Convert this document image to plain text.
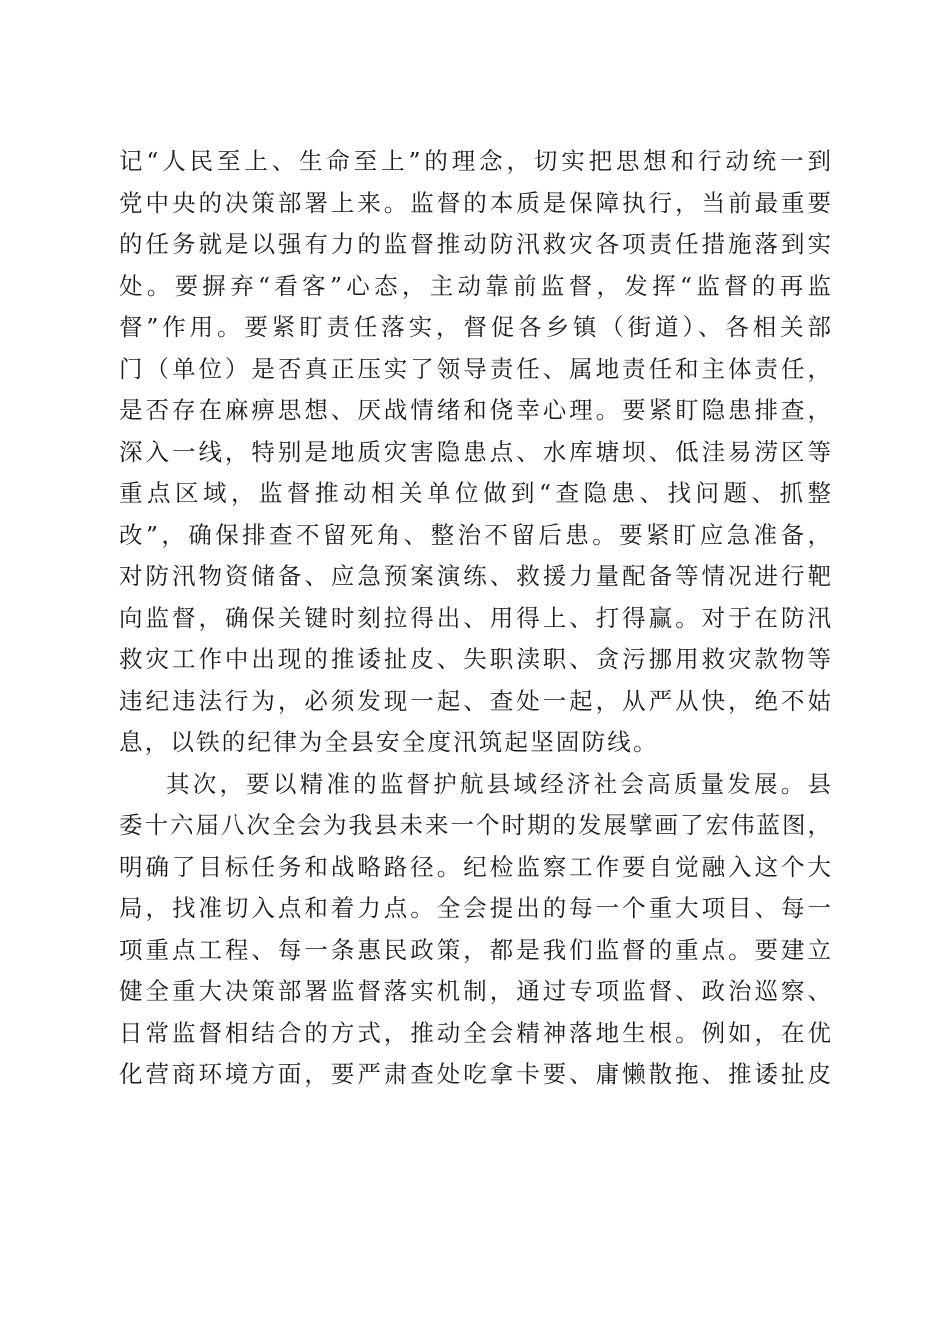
记“人民至上、生命至上”的理念，切实把思想和行动统一到
党中央的决策部署上来。监督的本质是保障执行，当前最重要
的任务就是以强有力的监督推动防汛救灾各项责任措施落到实
处。要摒弃“看客”心态，主动靠前监督，发挥“监督的再监
督”作用。要紧盯责任落实，督促各乡镇（街道）、各相关部
门（单位）是否真正压实了领导责任、属地责任和主体责任，
是否存在麻痹思想、厌战情绪和侥幸心理。要紧盯隐患排查，
深入一线，特别是地质灾害隐患点、水库塘坝、低洼易涝区等
重点区域，监督推动相关单位做到“查隐患、找问题、抓整
改”，确保排查不留死角、整治不留后患。要紧盯应急准备，
对防汛物资储备、应急预案演练、救援力量配备等情况进行靶
向监督，确保关键时刻拉得出、用得上、打得赢。对于在防汛
救灾工作中出现的推诿扯皮、失职渎职、贪污挪用救灾款物等
违纪违法行为，必须发现一起、查处一起，从严从快，绝不姑
息，以铁的纪律为全县安全度汛筑起坚固防线。
其次，要以精准的监督护航县域经济社会高质量发展。县
委十六届八次全会为我县未来一个时期的发展擘画了宏伟蓝图，
明确了目标任务和战略路径。纪检监察工作要自觉融入这个大
局，找准切入点和着力点。全会提出的每一个重大项目、每一
项重点工程、每一条惠民政策，都是我们监督的重点。要建立
健全重大决策部署监督落实机制，通过专项监督、政治巡察、
日常监督相结合的方式，推动全会精神落地生根。例如，在优
化营商环境方面，要严肃查处吃拿卡要、庸懒散拖、推诿扯皮
